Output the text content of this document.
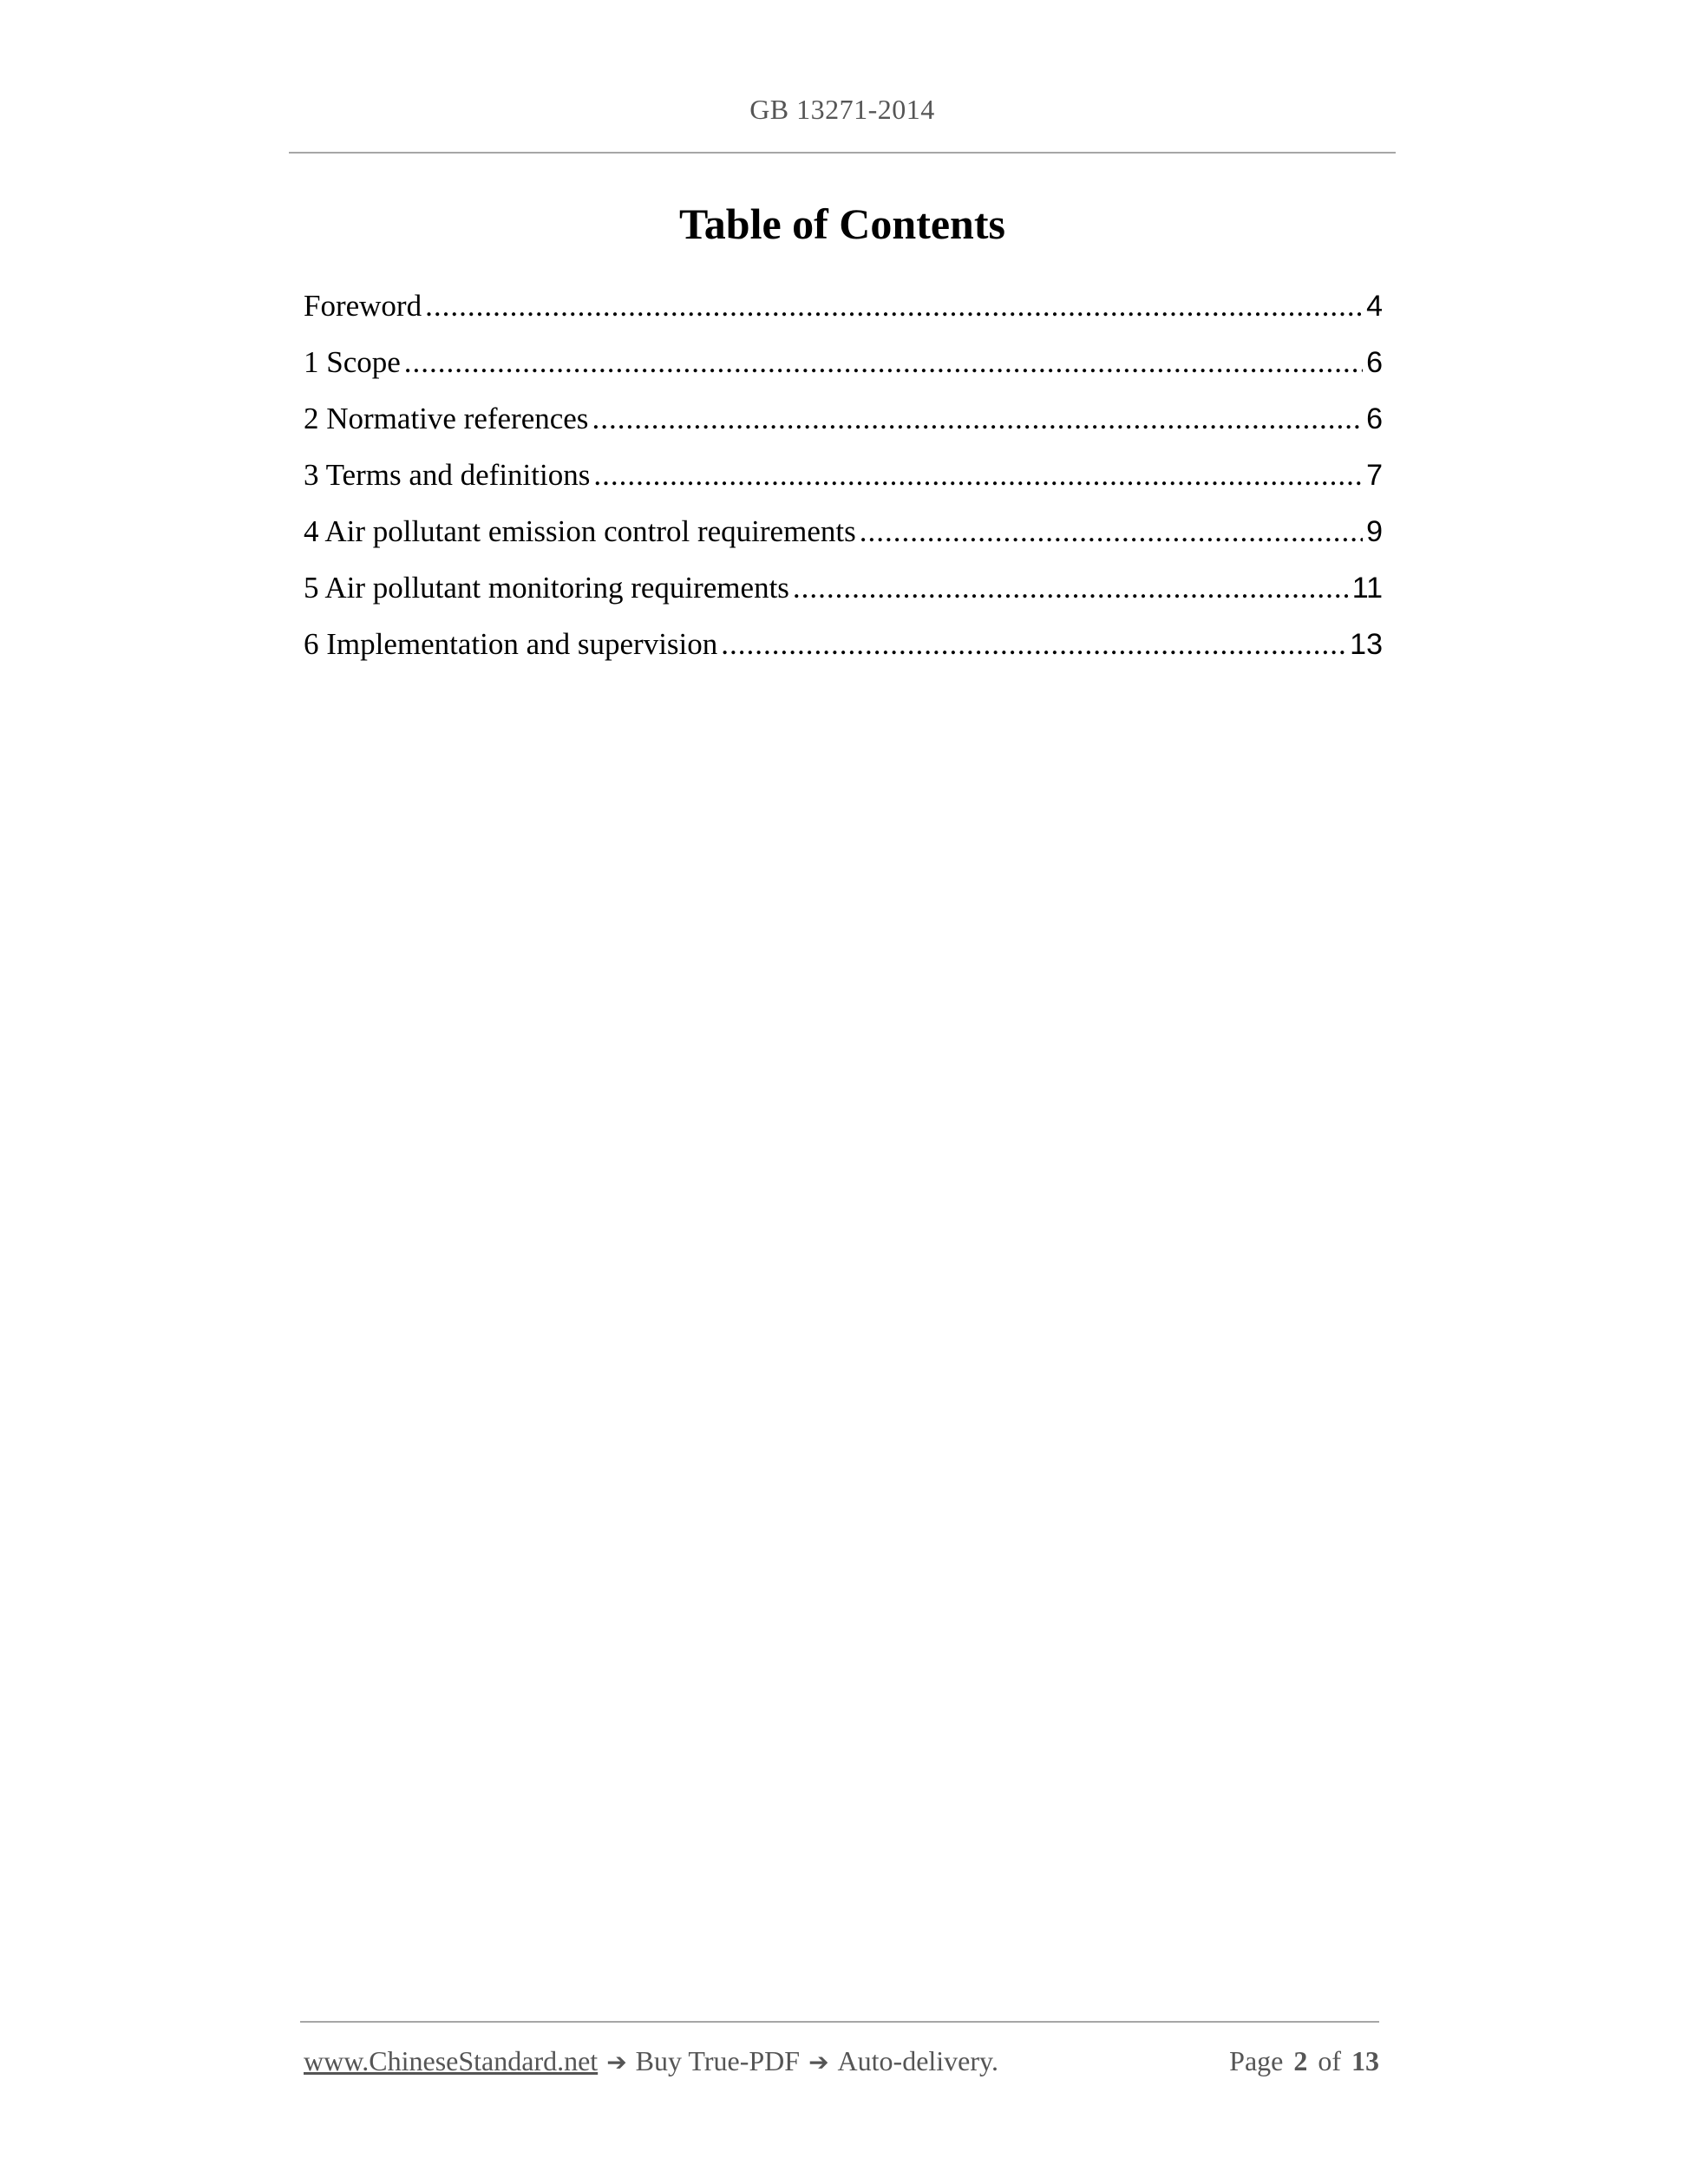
GB 13271-2014
Table of Contents
Foreword .....	4
1 Scope .....	6
2 Normative references .....	6
3 Terms and definitions .....	7
4 Air pollutant emission control requirements .....	9
5 Air pollutant monitoring requirements .....	11
6 Implementation and supervision .....	13
www.ChineseStandard.net ➔ Buy True-PDF ➔ Auto-delivery.	Page 2 of 13
